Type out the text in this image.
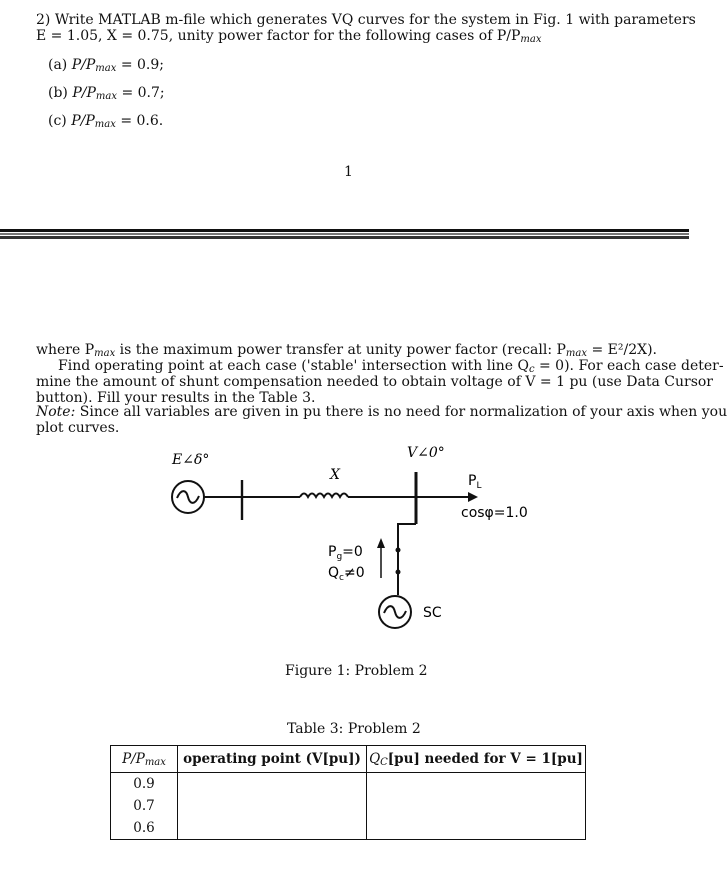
2) Write MATLAB m-file which generates VQ curves for the system in Fig. 1 with parameters
E = 1.05, X = 0.75, unity power factor for the following cases of $P/P_{max}$
(a) $P/P_{max} = 0.9$;
(b) $P/P_{max} = 0.7$;
(c) $P/P_{max} = 0.6$.
1
where $P_{max}$ is the maximum power transfer at unity power factor (recall: $P_{max} = E^2/2X$).
Find operating point at each case ('stable' intersection with line $Q_c = 0$). For each case deter-
mine the amount of shunt compensation needed to obtain voltage of V = 1 pu (use Data Cursor
button). Fill your results in the Table 3.
Note: Since all variables are given in pu there is no need for normalization of your axis when you
plot curves.
E∠δ°
X
V∠0°
$P_L$
cosφ=1.0
$P_g=0$
$Q_c\ne 0$
SC
Figure 1: Problem 2
Table 3: Problem 2
$P/P_{max}$	operating point (V[pu])	$Q_C[pu]$ needed for V = 1[pu]

0.9
0.7
0.6		
